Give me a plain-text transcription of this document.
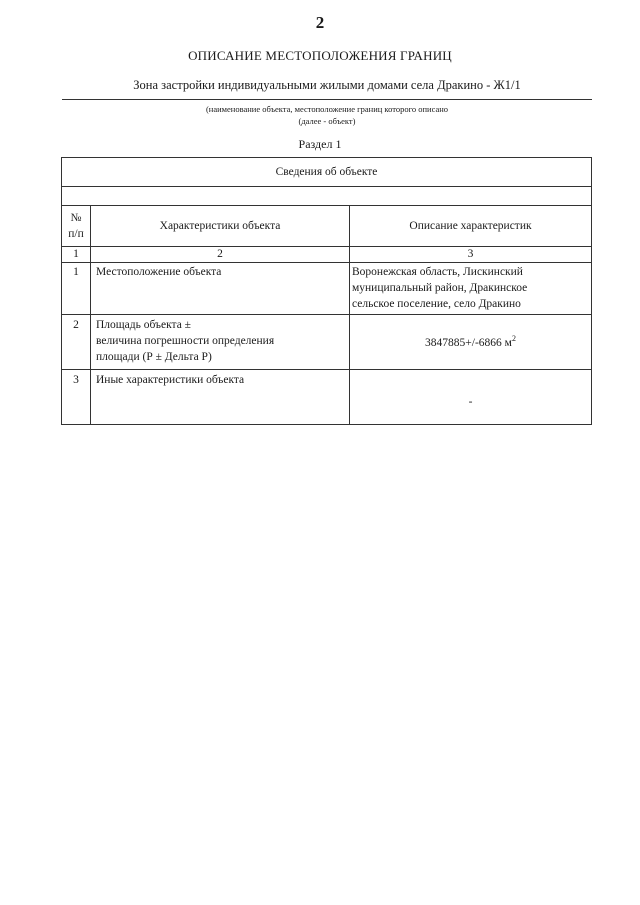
2
ОПИСАНИЕ МЕСТОПОЛОЖЕНИЯ ГРАНИЦ
Зона застройки индивидуальными жилыми домами села Дракино - Ж1/1
(наименование объекта, местоположение границ которого описано
(далее - объект)
Раздел 1
Сведения об объекте		

№
п/п	Характеристики объекта	Описание характеристик
1	2	3
1	Местоположение объекта	Воронежская область, Лискинский
муниципальный район, Дракинское
сельское поселение, село Дракино

2	Площадь объекта ±
величина погрешности определения
площади (Р ± Дельта Р)	3847885+/-6866 $м^2$
3	Иные характеристики объекта	-
